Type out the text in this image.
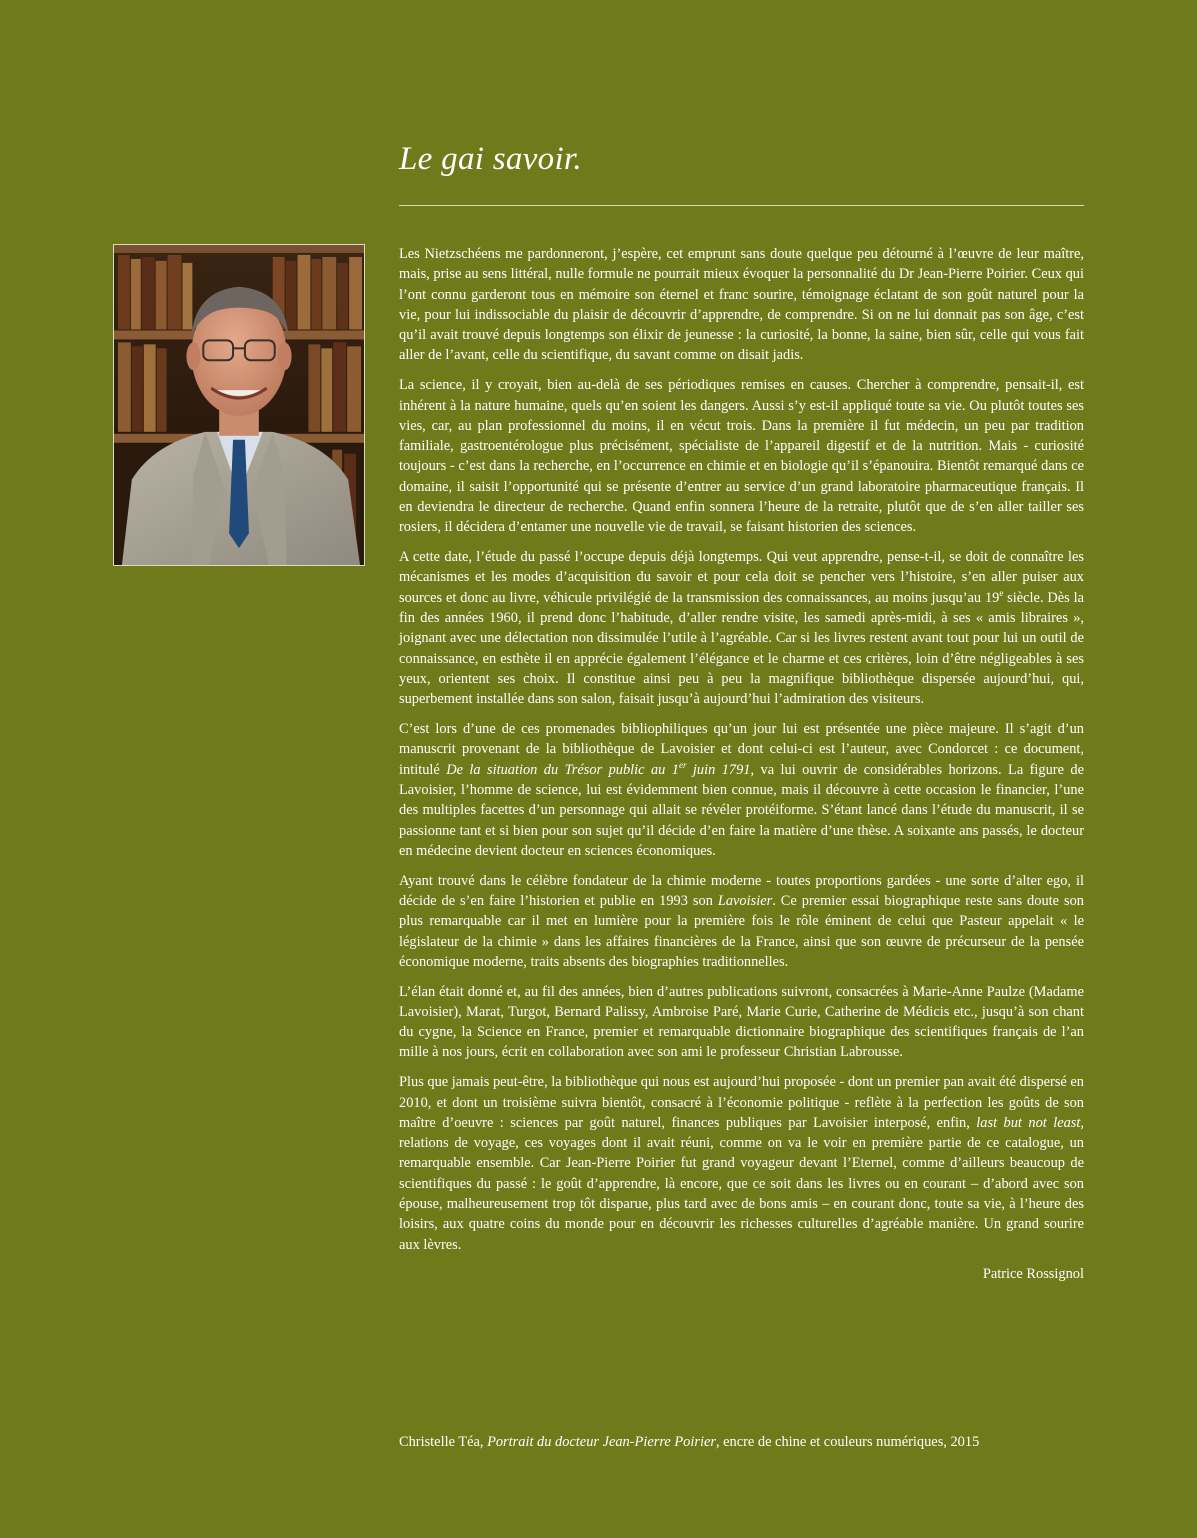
Le gai savoir.

Les Nietzschéens me pardonneront, j’espère, cet emprunt sans doute quelque peu détourné à l’œuvre de leur maître, mais, prise au sens littéral, nulle formule ne pourrait mieux évoquer la personnalité du Dr Jean-Pierre Poirier. Ceux qui l’ont connu garderont tous en mémoire son éternel et franc sourire, témoignage éclatant de son goût naturel pour la vie, pour lui indissociable du plaisir de découvrir d’apprendre, de comprendre. Si on ne lui donnait pas son âge, c’est qu’il avait trouvé depuis longtemps son élixir de jeunesse : la curiosité, la bonne, la saine, bien sûr, celle qui vous fait aller de l’avant, celle du scientifique, du savant comme on disait jadis.

La science, il y croyait, bien au-delà de ses périodiques remises en causes. Chercher à comprendre, pensait-il, est inhérent à la nature humaine, quels qu’en soient les dangers. Aussi s’y est-il appliqué toute sa vie. Ou plutôt toutes ses vies, car, au plan professionnel du moins, il en vécut trois. Dans la première il fut médecin, un peu par tradition familiale, gastroentérologue plus précisément, spécialiste de l’appareil digestif et de la nutrition. Mais - curiosité toujours - c’est dans la recherche, en l’occurrence en chimie et en biologie qu’il s’épanouira. Bientôt remarqué dans ce domaine, il saisit l’opportunité qui se présente d’entrer au service d’un grand laboratoire pharmaceutique français. Il en deviendra le directeur de recherche. Quand enfin sonnera l’heure de la retraite, plutôt que de s’en aller tailler ses rosiers, il décidera d’entamer une nouvelle vie de travail, se faisant historien des sciences.

A cette date, l’étude du passé l’occupe depuis déjà longtemps. Qui veut apprendre, pense-t-il, se doit de connaître les mécanismes et les modes d’acquisition du savoir et pour cela doit se pencher vers l’histoire, s’en aller puiser aux sources et donc au livre, véhicule privilégié de la transmission des connaissances, au moins jusqu’au 19e siècle. Dès la fin des années 1960, il prend donc l’habitude, d’aller rendre visite, les samedi après-midi, à ses « amis libraires », joignant avec une délectation non dissimulée l’utile à l’agréable. Car si les livres restent avant tout pour lui un outil de connaissance, en esthète il en apprécie également l’élégance et le charme et ces critères, loin d’être négligeables à ses yeux, orientent ses choix. Il constitue ainsi peu à peu la magnifique bibliothèque dispersée aujourd’hui, qui, superbement installée dans son salon, faisait jusqu’à aujourd’hui l’admiration des visiteurs.

C’est lors d’une de ces promenades bibliophiliques qu’un jour lui est présentée une pièce majeure. Il s’agit d’un manuscrit provenant de la bibliothèque de Lavoisier et dont celui-ci est l’auteur, avec Condorcet : ce document, intitulé De la situation du Trésor public au 1er juin 1791, va lui ouvrir de considérables horizons. La figure de Lavoisier, l’homme de science, lui est évidemment bien connue, mais il découvre à cette occasion le financier, l’une des multiples facettes d’un personnage qui allait se révéler protéiforme. S’étant lancé dans l’étude du manuscrit, il se passionne tant et si bien pour son sujet qu’il décide d’en faire la matière d’une thèse. A soixante ans passés, le docteur en médecine devient docteur en sciences économiques.

Ayant trouvé dans le célèbre fondateur de la chimie moderne - toutes proportions gardées - une sorte d’alter ego, il décide de s’en faire l’historien et publie en 1993 son Lavoisier. Ce premier essai biographique reste sans doute son plus remarquable car il met en lumière pour la première fois le rôle éminent de celui que Pasteur appelait « le législateur de la chimie » dans les affaires financières de la France, ainsi que son œuvre de précurseur de la pensée économique moderne, traits absents des biographies traditionnelles.

L’élan était donné et, au fil des années, bien d’autres publications suivront, consacrées à Marie-Anne Paulze (Madame Lavoisier), Marat, Turgot, Bernard Palissy, Ambroise Paré, Marie Curie, Catherine de Médicis etc., jusqu’à son chant du cygne, la Science en France, premier et remarquable dictionnaire biographique des scientifiques français de l’an mille à nos jours, écrit en collaboration avec son ami le professeur Christian Labrousse.

Plus que jamais peut-être, la bibliothèque qui nous est aujourd’hui proposée - dont un premier pan avait été dispersé en 2010, et dont un troisième suivra bientôt, consacré à l’économie politique - reflète à la perfection les goûts de son maître d’oeuvre : sciences par goût naturel, finances publiques par Lavoisier interposé, enfin, last but not least, relations de voyage, ces voyages dont il avait réuni, comme on va le voir en première partie de ce catalogue, un remarquable ensemble. Car Jean-Pierre Poirier fut grand voyageur devant l’Eternel, comme d’ailleurs beaucoup de scientifiques du passé : le goût d’apprendre, là encore, que ce soit dans les livres ou en courant – d’abord avec son épouse, malheureusement trop tôt disparue, plus tard avec de bons amis – en courant donc, toute sa vie, à l’heure des loisirs, aux quatre coins du monde pour en découvrir les richesses culturelles d’agréable manière. Un grand sourire aux lèvres.

Patrice Rossignol

Christelle Téa, Portrait du docteur Jean-Pierre Poirier, encre de chine et couleurs numériques, 2015
